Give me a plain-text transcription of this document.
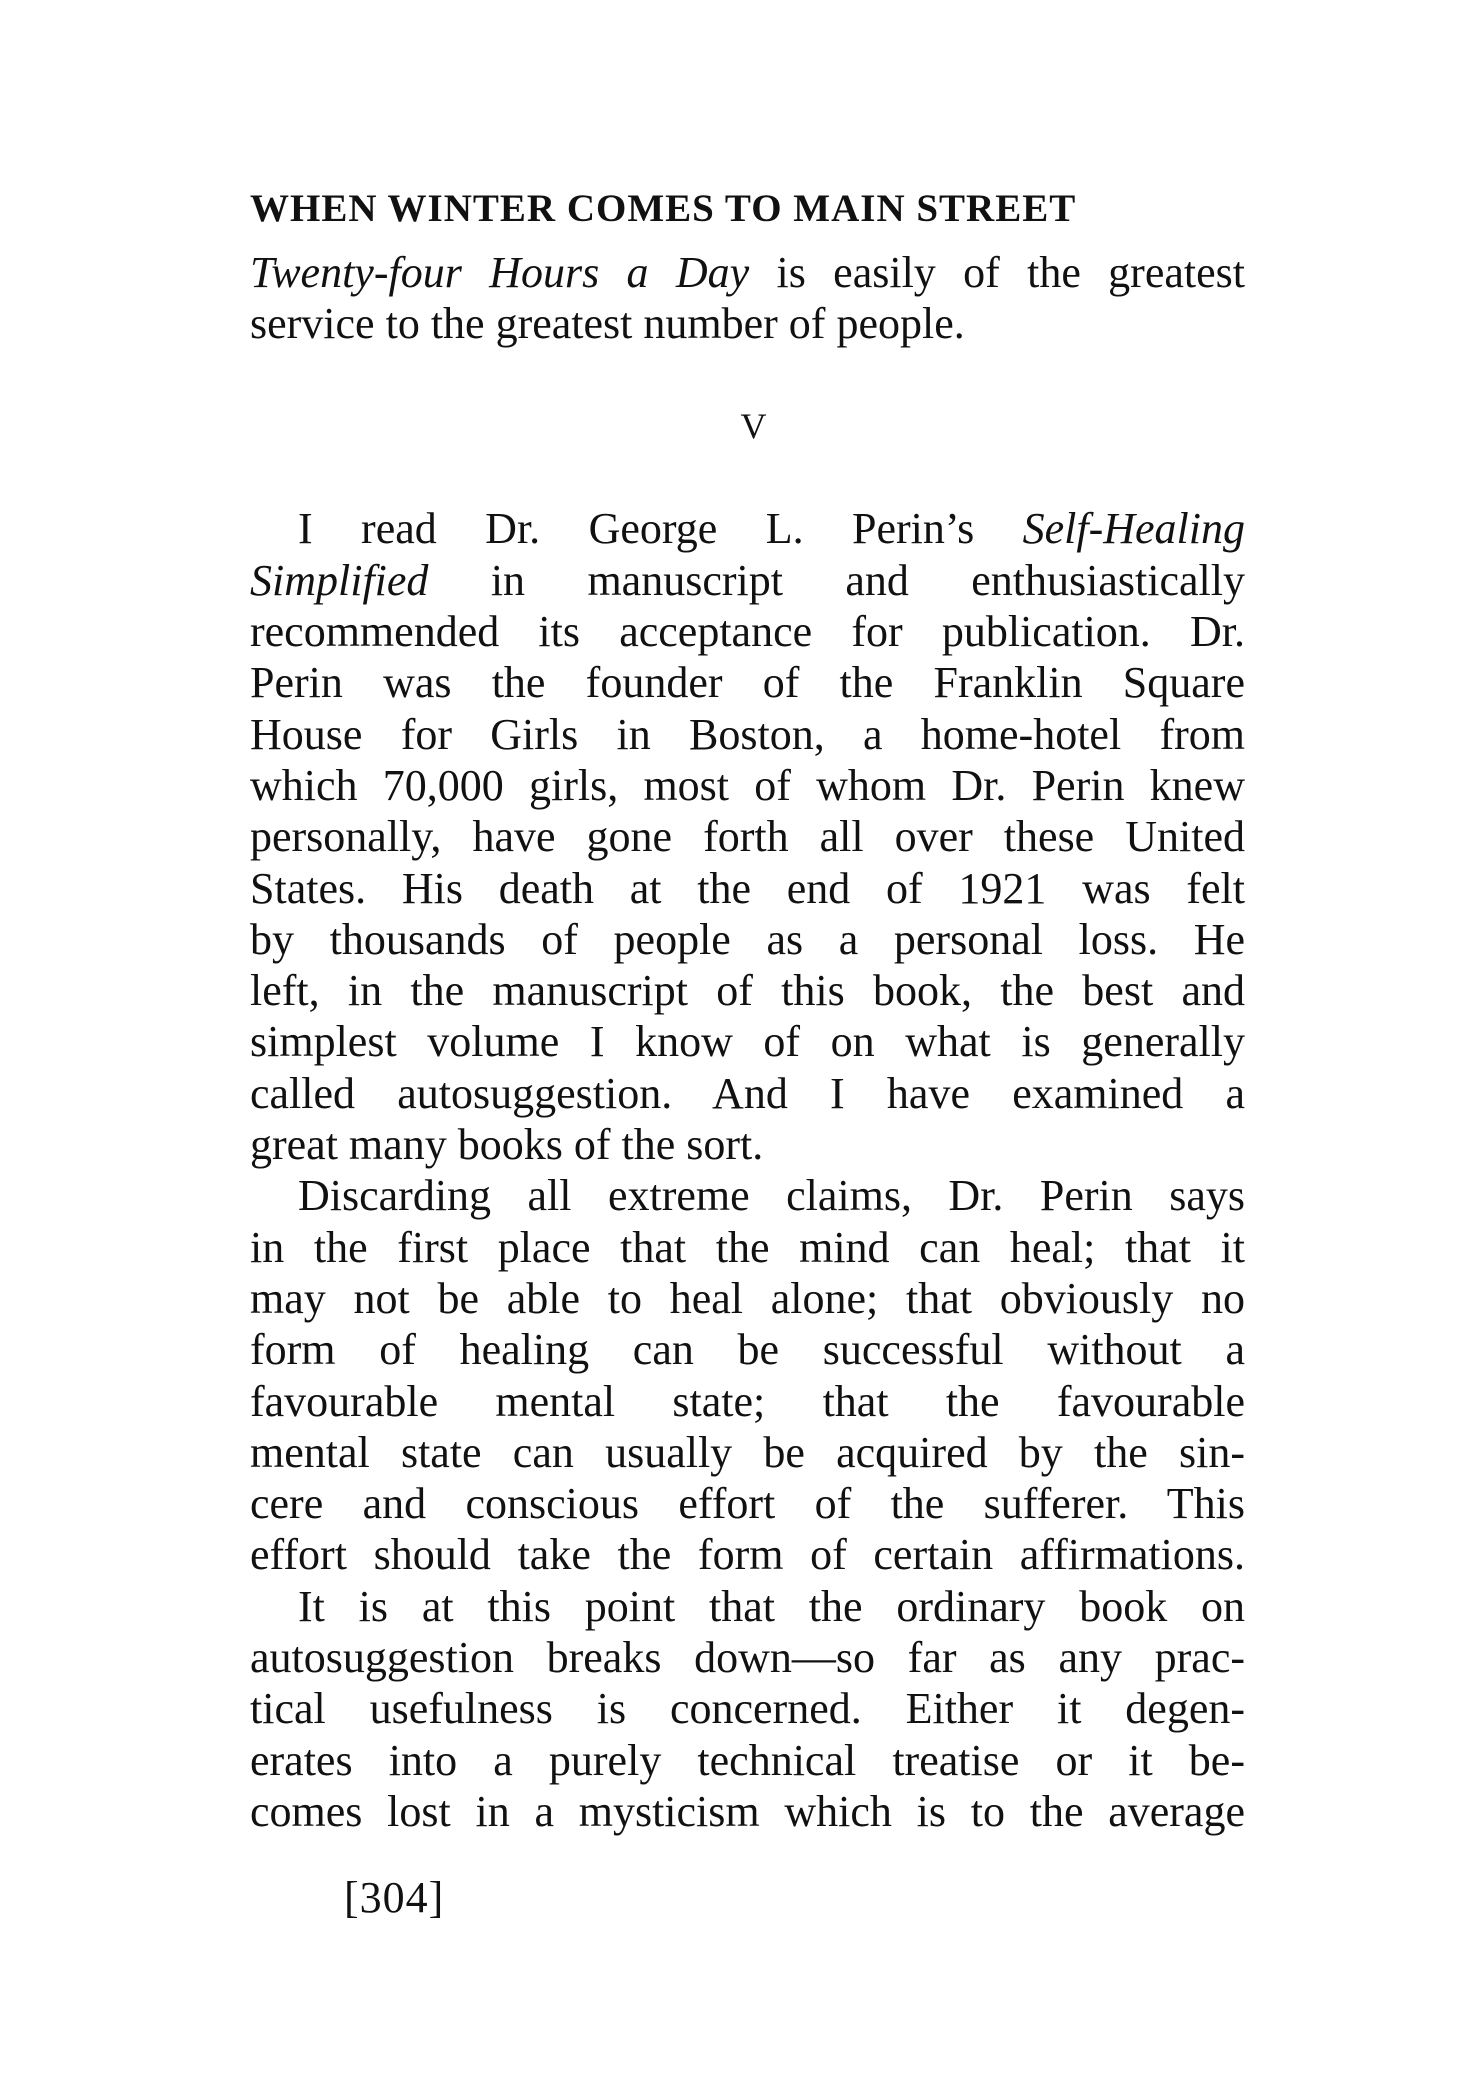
WHEN WINTER COMES TO MAIN STREET
Twenty-four Hours a Day is easily of the greatest
service to the greatest number of people.
V
I read Dr. George L. Perin’s Self-Healing
Simplified in manuscript and enthusiastically
recommended its acceptance for publication. Dr.
Perin was the founder of the Franklin Square
House for Girls in Boston, a home-hotel from
which 70,000 girls, most of whom Dr. Perin knew
personally, have gone forth all over these United
States. His death at the end of 1921 was felt
by thousands of people as a personal loss. He
left, in the manuscript of this book, the best and
simplest volume I know of on what is generally
called autosuggestion. And I have examined a
great many books of the sort.
Discarding all extreme claims, Dr. Perin says
in the first place that the mind can heal; that it
may not be able to heal alone; that obviously no
form of healing can be successful without a
favourable mental state; that the favourable
mental state can usually be acquired by the sin-
cere and conscious effort of the sufferer. This
effort should take the form of certain affirmations.
It is at this point that the ordinary book on
autosuggestion breaks down—so far as any prac-
tical usefulness is concerned. Either it degen-
erates into a purely technical treatise or it be-
comes lost in a mysticism which is to the average
[304]
